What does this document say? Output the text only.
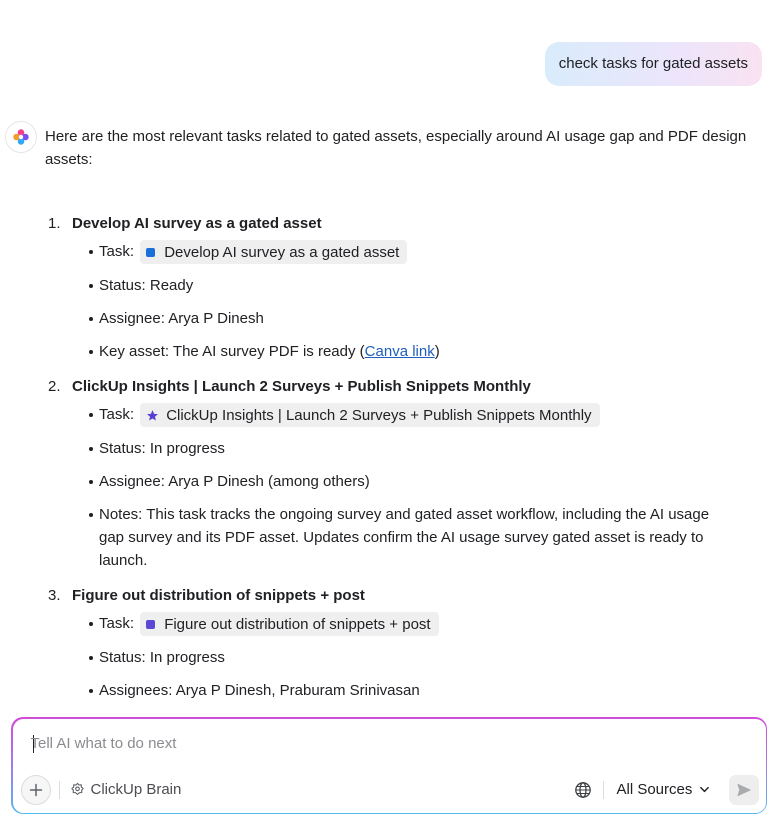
check tasks for gated assets
Here are the most relevant tasks related to gated assets, especially around AI usage gap and PDF design assets:
1. Develop AI survey as a gated asset
Task: Develop AI survey as a gated asset
Status: Ready
Assignee: Arya P Dinesh
Key asset: The AI survey PDF is ready (Canva link)
2. ClickUp Insights | Launch 2 Surveys + Publish Snippets Monthly
Task: ClickUp Insights | Launch 2 Surveys + Publish Snippets Monthly
Status: In progress
Assignee: Arya P Dinesh (among others)
Notes: This task tracks the ongoing survey and gated asset workflow, including the AI usage gap survey and its PDF asset. Updates confirm the AI usage survey gated asset is ready to launch.
3. Figure out distribution of snippets + post
Task: Figure out distribution of snippets + post
Status: In progress
Assignees: Arya P Dinesh, Praburam Srinivasan
Tell AI what to do next
ClickUp Brain	All Sources
